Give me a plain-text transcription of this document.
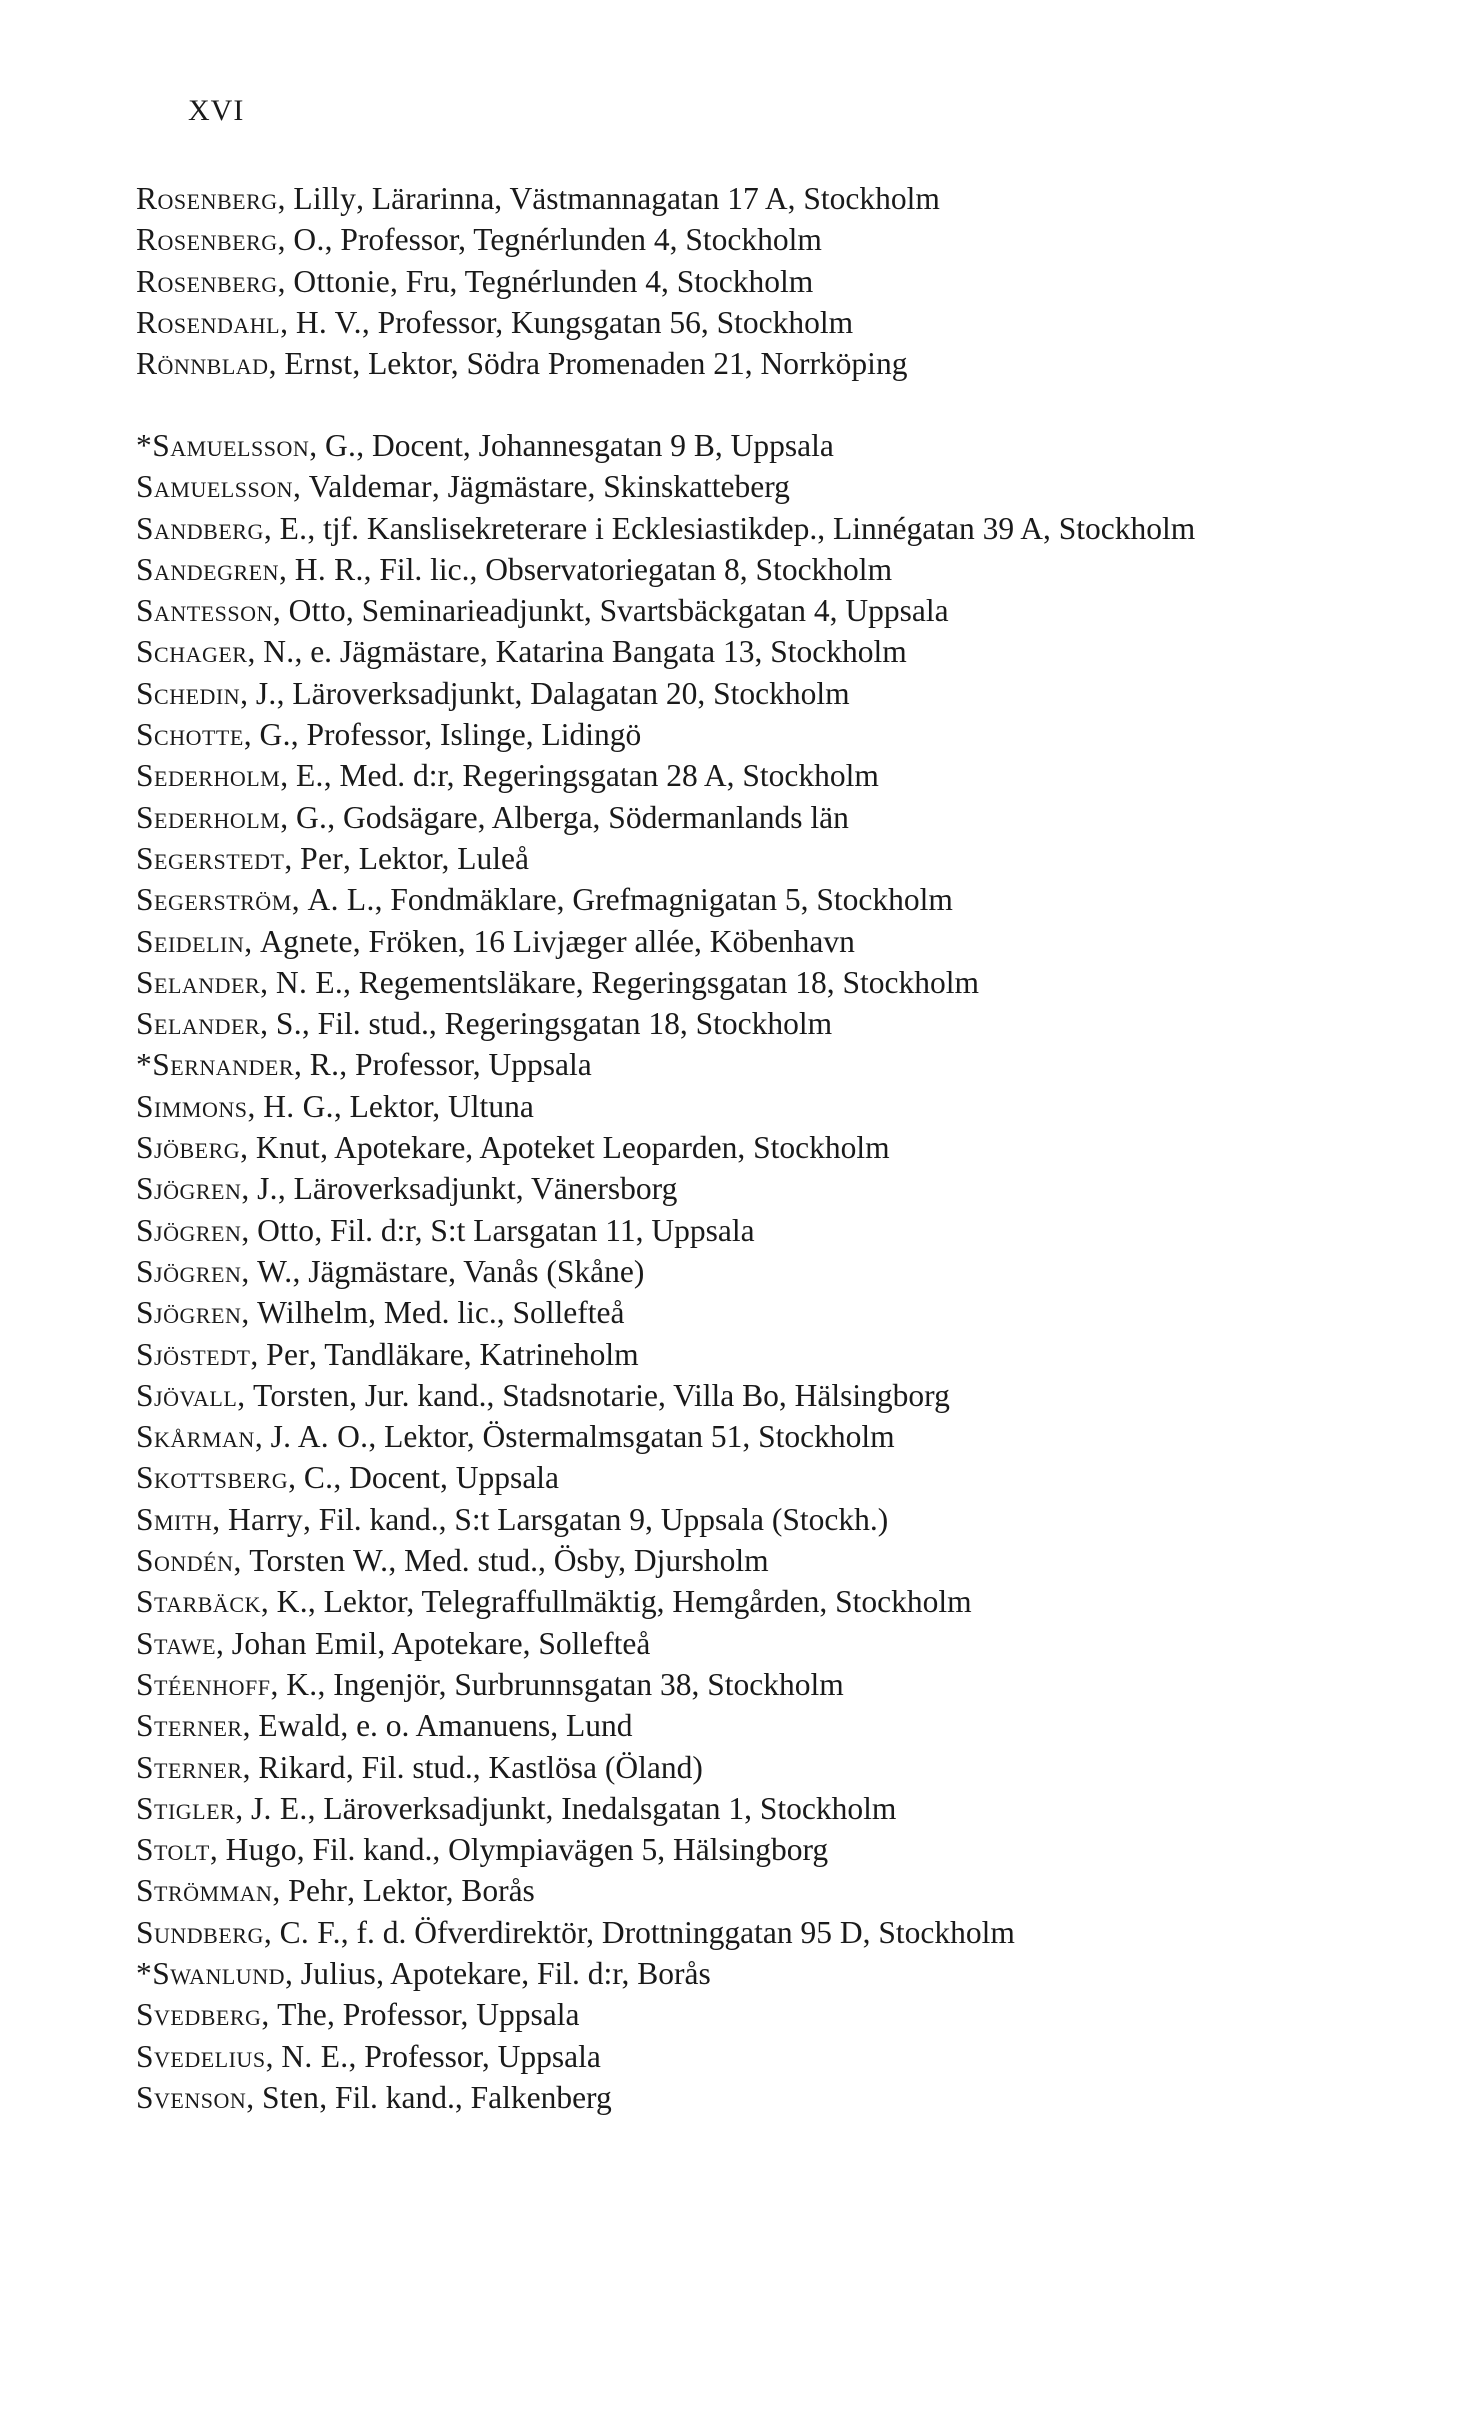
XVI

Rosenberg, Lilly, Lärarinna, Västmannagatan 17 A, Stockholm

Rosenberg, O., Professor, Tegnérlunden 4, Stockholm

Rosenberg, Ottonie, Fru, Tegnérlunden 4, Stockholm

Rosendahl, H. V., Professor, Kungsgatan 56, Stockholm

Rönnblad, Ernst, Lektor, Södra Promenaden 21, Norrköping

*Samuelsson, G., Docent, Johannesgatan 9 B, Uppsala

Samuelsson, Valdemar, Jägmästare, Skinskatteberg

Sandberg, E., tjf. Kanslisekreterare i Ecklesiastikdep., Linnégatan 39 A, Stockholm

Sandegren, H. R., Fil. lic., Observatoriegatan 8, Stockholm

Santesson, Otto, Seminarieadjunkt, Svartsbäckgatan 4, Uppsala

Schager, N., e. Jägmästare, Katarina Bangata 13, Stockholm

Schedin, J., Läroverksadjunkt, Dalagatan 20, Stockholm

Schotte, G., Professor, Islinge, Lidingö

Sederholm, E., Med. d:r, Regeringsgatan 28 A, Stockholm

Sederholm, G., Godsägare, Alberga, Södermanlands län

Segerstedt, Per, Lektor, Luleå

Segerström, A. L., Fondmäklare, Grefmagnigatan 5, Stockholm

Seidelin, Agnete, Fröken, 16 Livjæger allée, Köbenhavn

Selander, N. E., Regementsläkare, Regeringsgatan 18, Stockholm

Selander, S., Fil. stud., Regeringsgatan 18, Stockholm

*Sernander, R., Professor, Uppsala

Simmons, H. G., Lektor, Ultuna

Sjöberg, Knut, Apotekare, Apoteket Leoparden, Stockholm

Sjögren, J., Läroverksadjunkt, Vänersborg

Sjögren, Otto, Fil. d:r, S:t Larsgatan 11, Uppsala

Sjögren, W., Jägmästare, Vanås (Skåne)

Sjögren, Wilhelm, Med. lic., Sollefteå

Sjöstedt, Per, Tandläkare, Katrineholm

Sjövall, Torsten, Jur. kand., Stadsnotarie, Villa Bo, Hälsingborg

Skårman, J. A. O., Lektor, Östermalmsgatan 51, Stockholm

Skottsberg, C., Docent, Uppsala

Smith, Harry, Fil. kand., S:t Larsgatan 9, Uppsala (Stockh.)

Sondén, Torsten W., Med. stud., Ösby, Djursholm

Starbäck, K., Lektor, Telegraffullmäktig, Hemgården, Stockholm

Stawe, Johan Emil, Apotekare, Sollefteå

Stéenhoff, K., Ingenjör, Surbrunnsgatan 38, Stockholm

Sterner, Ewald, e. o. Amanuens, Lund

Sterner, Rikard, Fil. stud., Kastlösa (Öland)

Stigler, J. E., Läroverksadjunkt, Inedalsgatan 1, Stockholm

Stolt, Hugo, Fil. kand., Olympiavägen 5, Hälsingborg

Strömman, Pehr, Lektor, Borås

Sundberg, C. F., f. d. Öfverdirektör, Drottninggatan 95 D, Stockholm

*Swanlund, Julius, Apotekare, Fil. d:r, Borås

Svedberg, The, Professor, Uppsala

Svedelius, N. E., Professor, Uppsala

Svenson, Sten, Fil. kand., Falkenberg
